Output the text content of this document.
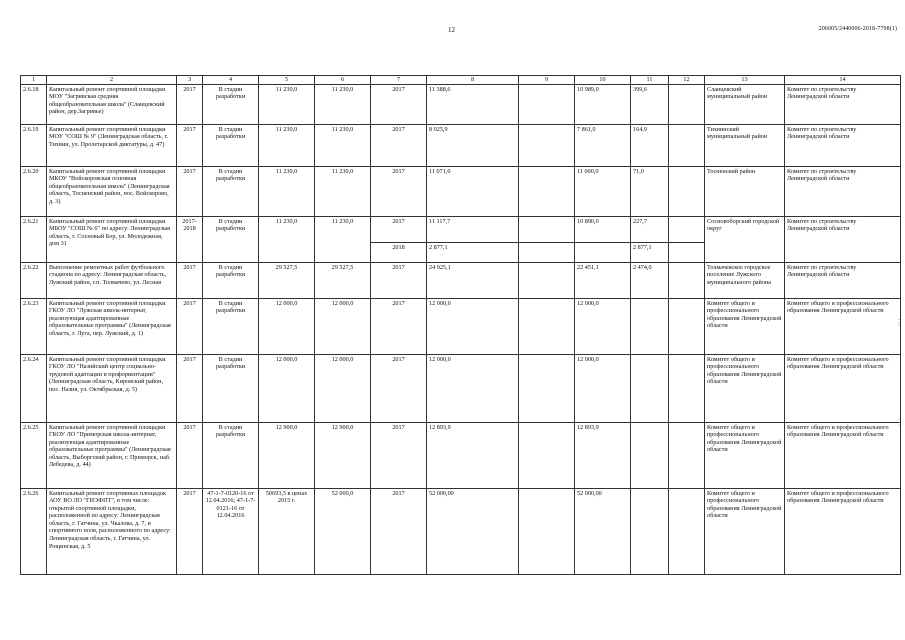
12	206005/2440006-2018-7798(1)
1	2	3	4	5	6	7	8	9	10	11	12	13	14
2.6.18	Капитальный ремонт спортивной площадки МОУ "Загривская средняя общеобразовательная школа" (Сланцевский район, дер.Загривье)	2017	В стадии разработки	11 230,0	11 230,0	2017	11 388,6		10 989,0	399,6		Сланцевский муниципальный район	Комитет по строительству Ленинградской области
2.6.19	Капитальный ремонт спортивной площадки МОУ "СОШ № 9" (Ленинградская область, г. Тихвин, ул. Пролетарской диктатуры, д. 47)	2017	В стадии разработки	11 230,0	11 230,0	2017	8 025,9		7 861,0	164,9		Тихвинский муниципальный район	Комитет по строительству Ленинградской области
2.6.20	Капитальный ремонт спортивной площадки МКОУ "Войскоровская основная общеобразовательная школа" (Ленинградская область, Тосненский район, пос. Войскорово, д. 3)	2017	В стадии разработки	11 230,0	11 230,0	2017	11 071,0		11 000,0	71,0		Тосненский район	Комитет по строительству Ленинградской области
2.6.21	Капитальный ремонт спортивной площадки МБОУ "СОШ № 6" по адресу: Ленинградская область, г. Сосновый Бор, ул. Молодежная, дом 31	2017-2018	В стадии разработки	11 230,0	11 230,0	2017	11 117,7		10 890,0	227,7		Сосновоборский городской округ	Комитет по строительству Ленинградской области
						2018	2 877,1			2 877,1			
2.6.22	Выполнение ремонтных работ футбольного стадиона по адресу: Ленинградская область, Лужский район, г.п. Толмачево, ул. Лесная	2017	В стадии разработки	29 527,5	29 527,5	2017	24 925,1		22 451,1	2 474,0		Толмачевское городское поселение Лужского муниципального района	Комитет по строительству Ленинградской области
2.6.23	Капитальный ремонт спортивной площадки ГКОУ ЛО "Лужская школа-интернат, реализующая адаптированные образовательные программы" (Ленинградская область, г. Луга, пер. Лужский, д. 1)	2017	В стадии разработки	12 000,0	12 000,0	2017	12 000,0		12 000,0			Комитет общего и профессионального образования Ленинградской области	Комитет общего и профессионального образования Ленинградской области
2.6.24	Капитальный ремонт спортивной площадки ГКОУ ЛО "Назийский центр социально-трудовой адаптации и профориентации" (Ленинградская область, Кировский район, пос. Назия, ул. Октябрьская, д. 5)	2017	В стадии разработки	12 000,0	12 000,0	2017	12 000,0		12 000,0			Комитет общего и профессионального образования Ленинградской области	Комитет общего и профессионального образования Ленинградской области
2.6.25	Капитальный ремонт спортивной площадки ГКОУ ЛО "Приморская школа-интернат, реализующая адаптированные образовательные программы" (Ленинградская область, Выборгский район, г. Приморск, наб. Лебедева, д. 44)	2017	В стадии разработки	12 900,0	12 900,0	2017	12 893,9		12 893,9			Комитет общего и профессионального образования Ленинградской области	Комитет общего и профессионального образования Ленинградской области
2.6.26	Капитальный ремонт спортивных площадок АОУ ВО ЛО "ГИЭФПТ", в том числе: открытой спортивной площадки, расположенной по адресу: Ленинградская область, г. Гатчина, ул. Чкалова, д. 7, и спортивного поля, расположенного по адресу: Ленинградская область, г. Гатчина, ул. Рощинская, д. 5	2017	47-1-7-0120-16 от 12.04.2016; 47-1-7-0121-16 от 12.04.2016	50693,5 в ценах 2015 г.	52 000,0	2017	52 000,00		52 000,00			Комитет общего и профессионального образования Ленинградской области	Комитет общего и профессионального образования Ленинградской области
⋮
⋮
